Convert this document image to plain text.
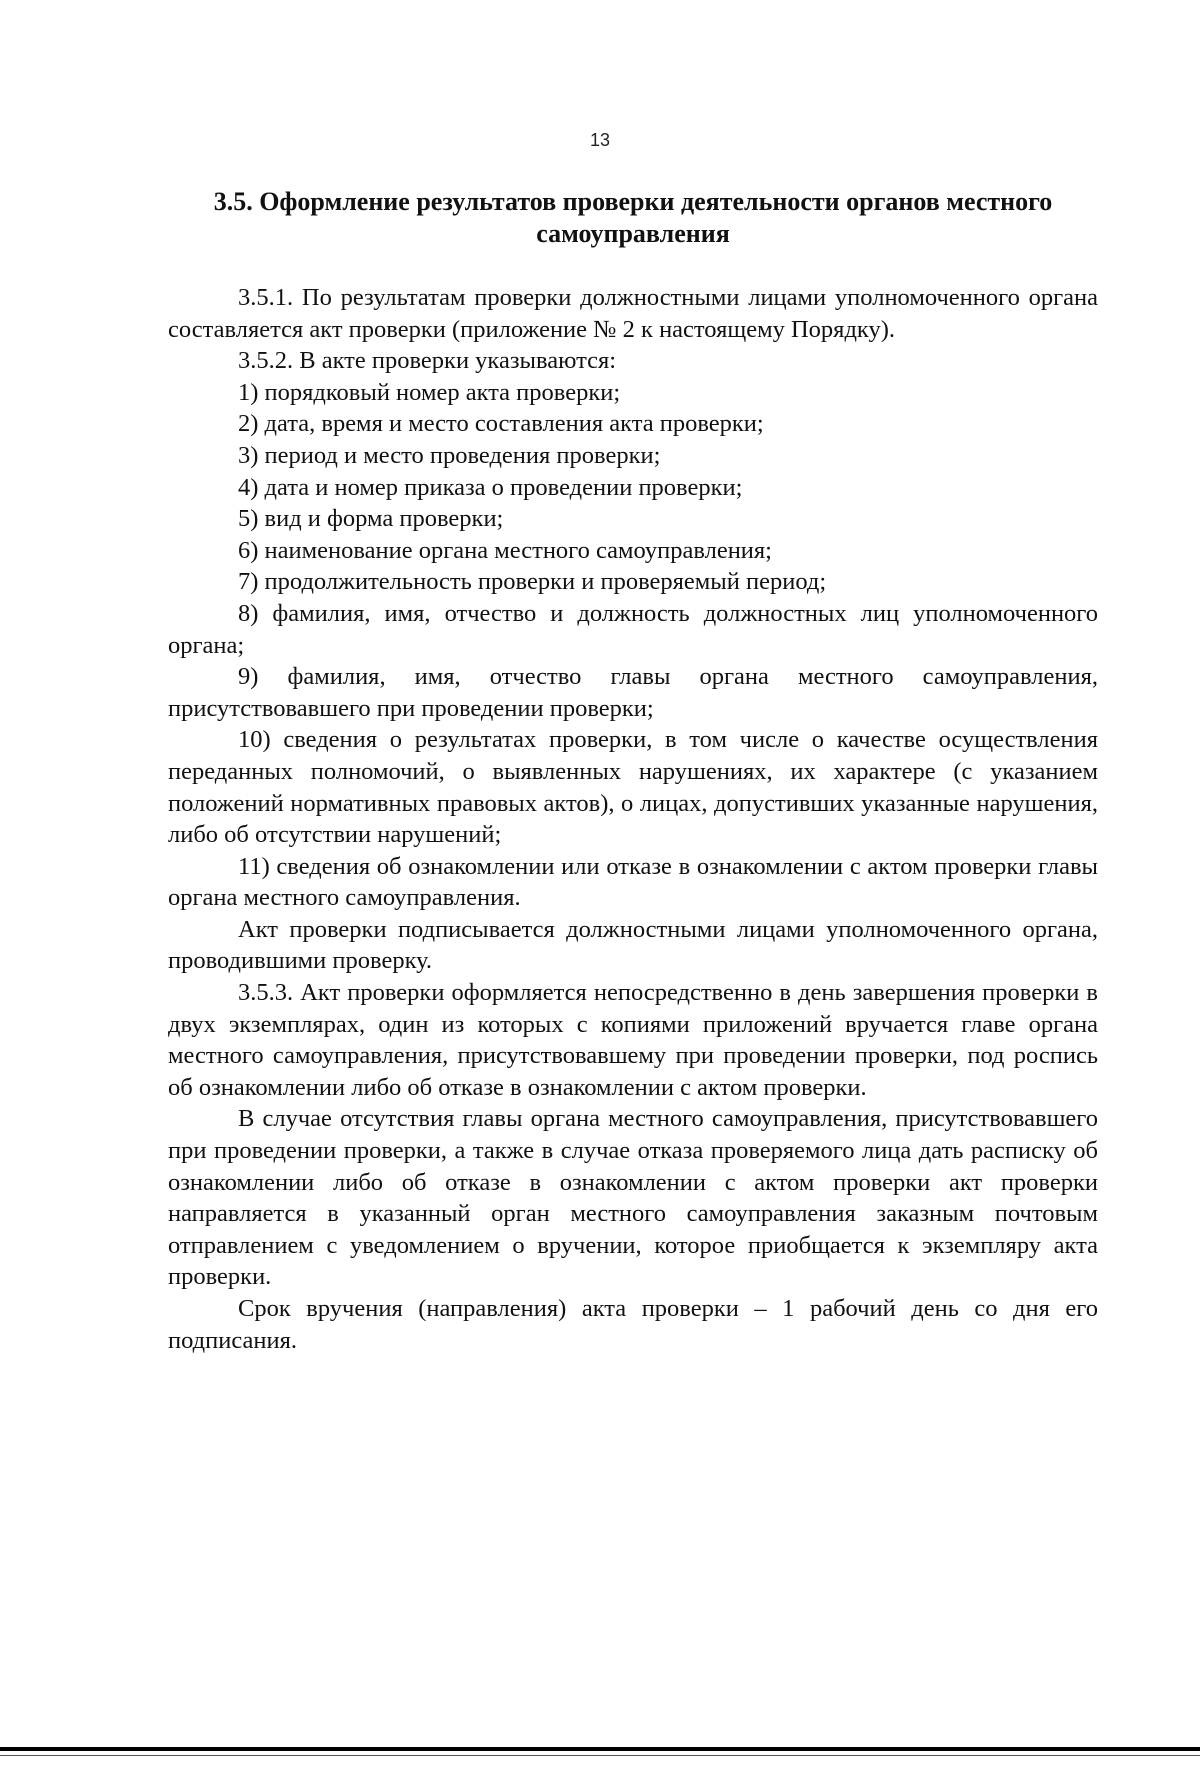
13
3.5. Оформление результатов проверки деятельности органов местного самоуправления

3.5.1. По результатам проверки должностными лицами уполномоченного органа составляется акт проверки (приложение № 2 к настоящему Порядку).

3.5.2. В акте проверки указываются:

1) порядковый номер акта проверки;

2) дата, время и место составления акта проверки;

3) период и место проведения проверки;

4) дата и номер приказа о проведении проверки;

5) вид и форма проверки;

6) наименование органа местного самоуправления;

7) продолжительность проверки и проверяемый период;

8) фамилия, имя, отчество и должность должностных лиц уполномоченного органа;

9) фамилия, имя, отчество главы органа местного самоуправления, присутствовавшего при проведении проверки;

10) сведения о результатах проверки, в том числе о качестве осуществления переданных полномочий, о выявленных нарушениях, их характере (с указанием положений нормативных правовых актов), о лицах, допустивших указанные нарушения, либо об отсутствии нарушений;

11) сведения об ознакомлении или отказе в ознакомлении с актом проверки главы органа местного самоуправления.

Акт проверки подписывается должностными лицами уполномоченного органа, проводившими проверку.

3.5.3. Акт проверки оформляется непосредственно в день завершения проверки в двух экземплярах, один из которых с копиями приложений вручается главе органа местного самоуправления, присутствовавшему при проведении проверки, под роспись об ознакомлении либо об отказе в ознакомлении с актом проверки.

В случае отсутствия главы органа местного самоуправления, присутствовавшего при проведении проверки, а также в случае отказа проверяемого лица дать расписку об ознакомлении либо об отказе в ознакомлении с актом проверки акт проверки направляется в указанный орган местного самоуправления заказным почтовым отправлением с уведомлением о вручении, которое приобщается к экземпляру акта проверки.

Срок вручения (направления) акта проверки – 1 рабочий день со дня его подписания.
